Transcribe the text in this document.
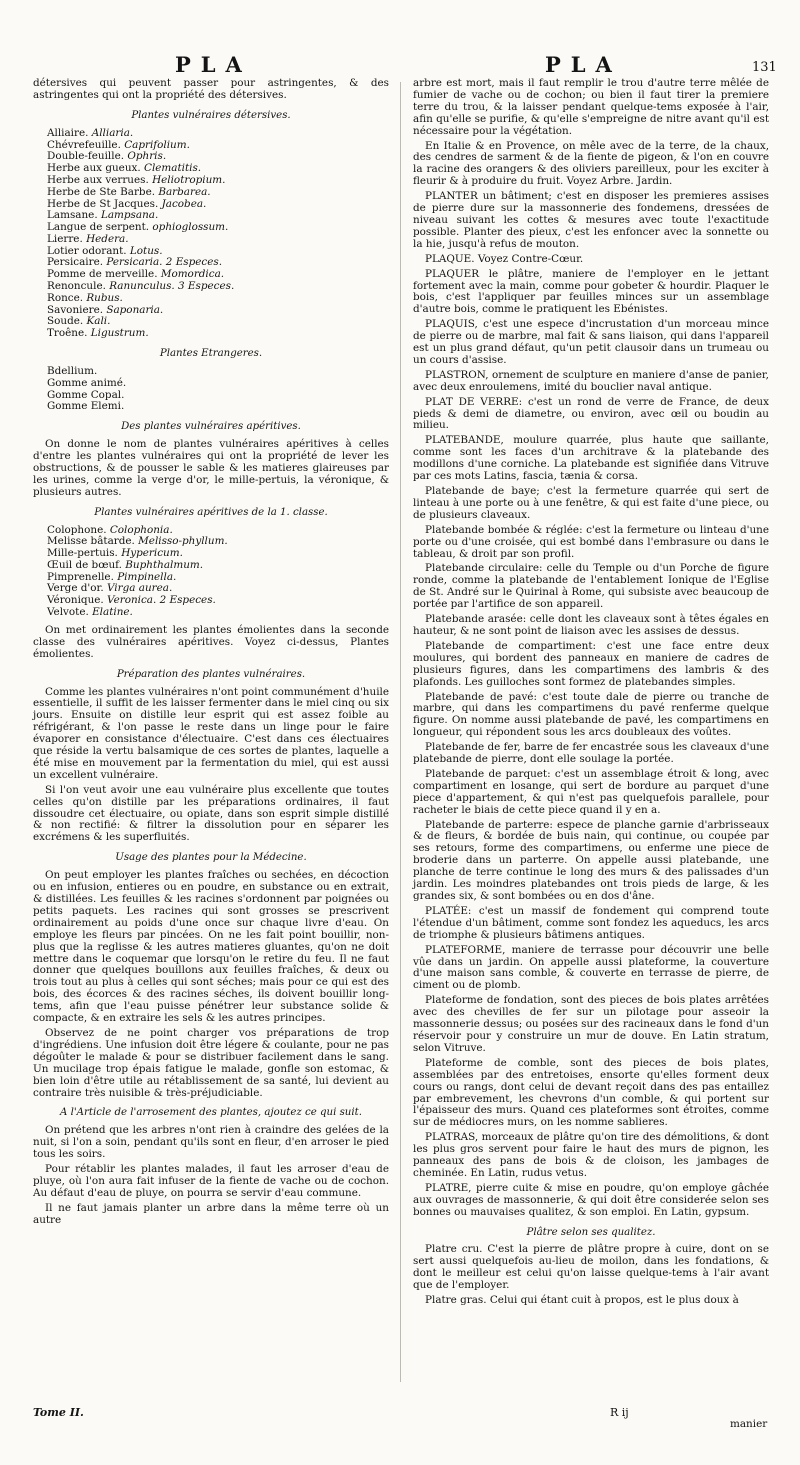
PLA	PLA	131

détersives qui peuvent passer pour astringentes, & des astringentes qui ont la propriété des détersives.

Plantes vulnéraires détersives.
Alliaire. Alliaria.
Chévrefeuille. Caprifolium.
Double-feuille. Ophris.
Herbe aux gueux. Clematitis.
Herbe aux verrues. Heliotropium.
Herbe de Ste Barbe. Barbarea.
Herbe de St Jacques. Jacobea.
Lamsane. Lampsana.
Langue de serpent. ophioglossum.
Lierre. Hedera.
Lotier odorant. Lotus.
Persicaire. Persicaria. 2 Especes.
Pomme de merveille. Momordica.
Renoncule. Ranunculus. 3 Especes.
Ronce. Rubus.
Savoniere. Saponaria.
Soude. Kali.
Troêne. Ligustrum.
Plantes Etrangeres.
Bdellium.
Gomme animé.
Gomme Copal.
Gomme Elemi.
Des plantes vulnéraires apéritives.

On donne le nom de plantes vulnéraires apéritives à celles d'entre les plantes vulnéraires qui ont la propriété de lever les obstructions, & de pousser le sable & les matieres glaireuses par les urines, comme la verge d'or, le mille-pertuis, la véronique, & plusieurs autres.

Plantes vulnéraires apéritives de la 1. classe.
Colophone. Colophonia.
Melisse bâtarde. Melisso-phyllum.
Mille-pertuis. Hypericum.
Œuil de bœuf. Buphthalmum.
Pimprenelle. Pimpinella.
Verge d'or. Virga aurea.
Véronique. Veronica. 2 Especes.
Velvote. Elatine.

On met ordinairement les plantes émolientes dans la seconde classe des vulnéraires apéritives. Voyez ci-dessus, Plantes émolientes.

Préparation des plantes vulnéraires.

Comme les plantes vulnéraires n'ont point communément d'huile essentielle, il suffit de les laisser fermenter dans le miel cinq ou six jours. Ensuite on distille leur esprit qui est assez foible au réfrigérant, & l'on passe le reste dans un linge pour le faire évaporer en consistance d'électuaire. C'est dans ces électuaires que réside la vertu balsamique de ces sortes de plantes, laquelle a été mise en mouvement par la fermentation du miel, qui est aussi un excellent vulnéraire.

Si l'on veut avoir une eau vulnéraire plus excellente que toutes celles qu'on distille par les préparations ordinaires, il faut dissoudre cet électuaire, ou opiate, dans son esprit simple distillé & non rectifié: & filtrer la dissolution pour en séparer les excrémens & les superfluités.

Usage des plantes pour la Médecine.

On peut employer les plantes fraîches ou sechées, en décoction ou en infusion, entieres ou en poudre, en substance ou en extrait, & distillées. Les feuilles & les racines s'ordonnent par poignées ou petits paquets. Les racines qui sont grosses se prescrivent ordinairement au poids d'une once sur chaque livre d'eau. On employe les fleurs par pincées. On ne les fait point bouillir, non-plus que la reglisse & les autres matieres gluantes, qu'on ne doit mettre dans le coquemar que lorsqu'on le retire du feu. Il ne faut donner que quelques bouillons aux feuilles fraîches, & deux ou trois tout au plus à celles qui sont séches; mais pour ce qui est des bois, des écorces & des racines séches, ils doivent bouillir long-tems, afin que l'eau puisse pénétrer leur substance solide & compacte, & en extraire les sels & les autres principes.

Observez de ne point charger vos préparations de trop d'ingrédiens. Une infusion doit être légere & coulante, pour ne pas dégoûter le malade & pour se distribuer facilement dans le sang. Un mucilage trop épais fatigue le malade, gonfle son estomac, & bien loin d'être utile au rétablissement de sa santé, lui devient au contraire très nuisible & très-préjudiciable.

A l'Article de l'arrosement des plantes, ajoutez ce qui suit.

On prétend que les arbres n'ont rien à craindre des gelées de la nuit, si l'on a soin, pendant qu'ils sont en fleur, d'en arroser le pied tous les soirs.

Pour rétablir les plantes malades, il faut les arroser d'eau de pluye, où l'on aura fait infuser de la fiente de vache ou de cochon. Au défaut d'eau de pluye, on pourra se servir d'eau commune.

Il ne faut jamais planter un arbre dans la même terre où un autre

arbre est mort, mais il faut remplir le trou d'autre terre mêlée de fumier de vache ou de cochon; ou bien il faut tirer la premiere terre du trou, & la laisser pendant quelque-tems exposée à l'air, afin qu'elle se purifie, & qu'elle s'empreigne de nitre avant qu'il est nécessaire pour la végétation.

En Italie & en Provence, on mêle avec de la terre, de la chaux, des cendres de sarment & de la fiente de pigeon, & l'on en couvre la racine des orangers & des oliviers pareilleux, pour les exciter à fleurir & à produire du fruit. Voyez Arbre. Jardin.

PLANTER un bâtiment; c'est en disposer les premieres assises de pierre dure sur la massonnerie des fondemens, dressées de niveau suivant les cottes & mesures avec toute l'exactitude possible. Planter des pieux, c'est les enfoncer avec la sonnette ou la hie, jusqu'à refus de mouton.

PLAQUE. Voyez Contre-Cœur.

PLAQUER le plâtre, maniere de l'employer en le jettant fortement avec la main, comme pour gobeter & hourdir. Plaquer le bois, c'est l'appliquer par feuilles minces sur un assemblage d'autre bois, comme le pratiquent les Ebénistes.

PLAQUIS, c'est une espece d'incrustation d'un morceau mince de pierre ou de marbre, mal fait & sans liaison, qui dans l'appareil est un plus grand défaut, qu'un petit clausoir dans un trumeau ou un cours d'assise.

PLASTRON, ornement de sculpture en maniere d'anse de panier, avec deux enroulemens, imité du bouclier naval antique.

PLAT DE VERRE: c'est un rond de verre de France, de deux pieds & demi de diametre, ou environ, avec œil ou boudin au milieu.

PLATEBANDE, moulure quarrée, plus haute que saillante, comme sont les faces d'un architrave & la platebande des modillons d'une corniche. La platebande est signifiée dans Vitruve par ces mots Latins, fascia, tænia & corsa.

Platebande de baye; c'est la fermeture quarrée qui sert de linteau à une porte ou à une fenêtre, & qui est faite d'une piece, ou de plusieurs claveaux.

Platebande bombée & réglée: c'est la fermeture ou linteau d'une porte ou d'une croisée, qui est bombé dans l'embrasure ou dans le tableau, & droit par son profil.

Platebande circulaire: celle du Temple ou d'un Porche de figure ronde, comme la platebande de l'entablement Ionique de l'Eglise de St. André sur le Quirinal à Rome, qui subsiste avec beaucoup de portée par l'artifice de son appareil.

Platebande arasée: celle dont les claveaux sont à têtes égales en hauteur, & ne sont point de liaison avec les assises de dessus.

Platebande de compartiment: c'est une face entre deux moulures, qui bordent des panneaux en maniere de cadres de plusieurs figures, dans les compartimens des lambris & des plafonds. Les guilloches sont formez de platebandes simples.

Platebande de pavé: c'est toute dale de pierre ou tranche de marbre, qui dans les compartimens du pavé renferme quelque figure. On nomme aussi platebande de pavé, les compartimens en longueur, qui répondent sous les arcs doubleaux des voûtes.

Platebande de fer, barre de fer encastrée sous les claveaux d'une platebande de pierre, dont elle soulage la portée.

Platebande de parquet: c'est un assemblage étroit & long, avec compartiment en losange, qui sert de bordure au parquet d'une piece d'appartement, & qui n'est pas quelquefois parallele, pour racheter le biais de cette piece quand il y en a.

Platebande de parterre: espece de planche garnie d'arbrisseaux & de fleurs, & bordée de buis nain, qui continue, ou coupée par ses retours, forme des compartimens, ou enferme une piece de broderie dans un parterre. On appelle aussi platebande, une planche de terre continue le long des murs & des palissades d'un jardin. Les moindres platebandes ont trois pieds de large, & les grandes six, & sont bombées ou en dos d'âne.

PLATÉE: c'est un massif de fondement qui comprend toute l'étendue d'un bâtiment, comme sont fondez les aqueducs, les arcs de triomphe & plusieurs bâtimens antiques.

PLATEFORME, maniere de terrasse pour découvrir une belle vûe dans un jardin. On appelle aussi plateforme, la couverture d'une maison sans comble, & couverte en terrasse de pierre, de ciment ou de plomb.

Plateforme de fondation, sont des pieces de bois plates arrêtées avec des chevilles de fer sur un pilotage pour asseoir la massonnerie dessus; ou posées sur des racineaux dans le fond d'un réservoir pour y construire un mur de douve. En Latin stratum, selon Vitruve.

Plateforme de comble, sont des pieces de bois plates, assemblées par des entretoises, ensorte qu'elles forment deux cours ou rangs, dont celui de devant reçoit dans des pas entaillez par embrevement, les chevrons d'un comble, & qui portent sur l'épaisseur des murs. Quand ces plateformes sont étroites, comme sur de médiocres murs, on les nomme sablieres.

PLATRAS, morceaux de plâtre qu'on tire des démolitions, & dont les plus gros servent pour faire le haut des murs de pignon, les panneaux des pans de bois & de cloison, les jambages de cheminée. En Latin, rudus vetus.

PLATRE, pierre cuite & mise en poudre, qu'on employe gâchée aux ouvrages de massonnerie, & qui doit être considerée selon ses bonnes ou mauvaises qualitez, & son emploi. En Latin, gypsum.

Plâtre selon ses qualitez.

Platre cru. C'est la pierre de plâtre propre à cuire, dont on se sert aussi quelquefois au-lieu de moilon, dans les fondations, & dont le meilleur est celui qu'on laisse quelque-tems à l'air avant que de l'employer.

Platre gras. Celui qui étant cuit à propos, est le plus doux à

Tome II.	R ij
manier
